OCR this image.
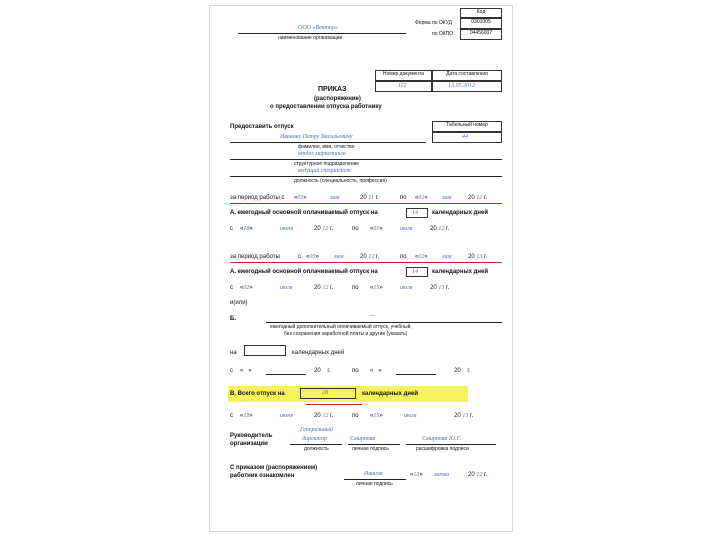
Код
Форма по ОКУД	0301005
по ОКПО	04456007
ООО «Вектор»
наименование организации
Номер документа	Дата составления
112	13.05.2012
ПРИКАЗ
(распоряжение)
о предоставлении отпуска работнику
Предоставить отпуск	Табельный номер
44
Иванову Петру Васильевичу
фамилия, имя, отчество
отдел маркетинга
структурное подразделение
ведущий специалист
должность (специальность, профессия)
за период работы с «03»	мая	20 11 г.	по «02» мая	20 12 г.
А. ежегодный основной оплачиваемый отпуск на	14 календарных дней
с «18»	июня	20 12 г.	по «01»	июля	20 12 г.
за период работы	с «03»	мая	20 12 г.	по «02» мая	20 13 г.
А. ежегодный основной оплачиваемый отпуск на	14 календарных дней
с «02»	июля	20 12 г.	по «15»	июля	20 13 г.
и(или)
Б.	—
ежегодный дополнительный оплачиваемый отпуск, учебный,
без сохранения заработной платы и другие (указать)
на	календарных дней
с « »	20 г.	по « »	20 г.
В. Всего отпуск на	28	календарных дней
с «18»	июня	20 12 г.	по «15»	июля	20 13 г.
Руководитель
организации
Генеральный
директор	Смирнова	Смирнова Ю.Г.
должность	личная подпись	расшифровка подписи
С приказом (распоряжением)
работник ознакомлен	Иванов
личная подпись
«13» мачка	20 12 г.
